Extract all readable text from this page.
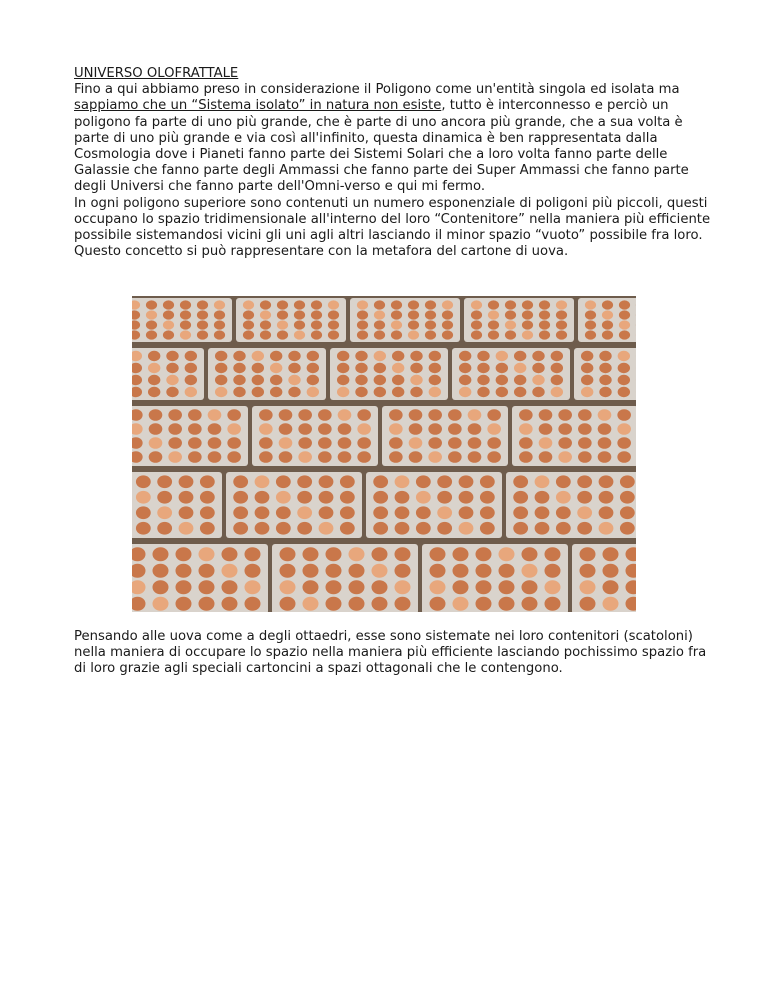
UNIVERSO OLOFRATTALE

Fino a qui abbiamo preso in considerazione il Poligono come un'entità singola ed isolata ma sappiamo che un “Sistema isolato” in natura non esiste, tutto è interconnesso e perciò un poligono fa parte di uno più grande, che è parte di uno ancora più grande, che a sua volta è parte di uno più grande e via così all'infinito, questa dinamica è ben rappresentata dalla Cosmologia dove i Pianeti fanno parte dei Sistemi Solari che a loro volta fanno parte delle Galassie che fanno parte degli Ammassi che fanno parte dei Super Ammassi che fanno parte degli Universi che fanno parte dell'Omni-verso e qui mi fermo.

In ogni poligono superiore sono contenuti un numero esponenziale di poligoni più piccoli, questi occupano lo spazio tridimensionale all'interno del loro “Contenitore” nella maniera più efficiente possibile sistemandosi vicini gli uni agli altri lasciando il minor spazio “vuoto” possibile fra loro.

Questo concetto si può rappresentare con la metafora del cartone di uova.

Pensando alle uova come a degli ottaedri, esse sono sistemate nei loro contenitori (scatoloni) nella maniera di occupare lo spazio nella maniera più efficiente lasciando pochissimo spazio fra di loro grazie agli speciali cartoncini a spazi ottagonali che le contengono.
